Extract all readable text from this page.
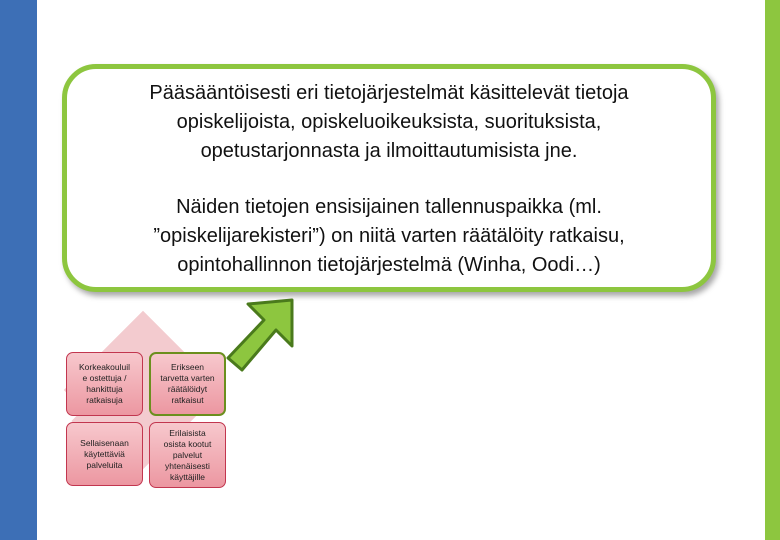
Pääsääntöisesti eri tietojärjestelmät käsittelevät tietoja
opiskelijoista, opiskeluoikeuksista, suorituksista,
opetustarjonnasta ja ilmoittautumisista jne.

Näiden tietojen ensisijainen tallennuspaikka (ml.
”opiskelijarekisteri”) on niitä varten räätälöity ratkaisu,
opintohallinnon tietojärjestelmä (Winha, Oodi…)

Korkeakouluil
e ostettuja /
hankittuja
ratkaisuja
Erikseen
tarvetta varten
räätälöidyt
ratkaisut
Sellaisenaan
käytettäviä
palveluita
Erilaisista
osista kootut
palvelut
yhtenäisesti
käyttäjille
